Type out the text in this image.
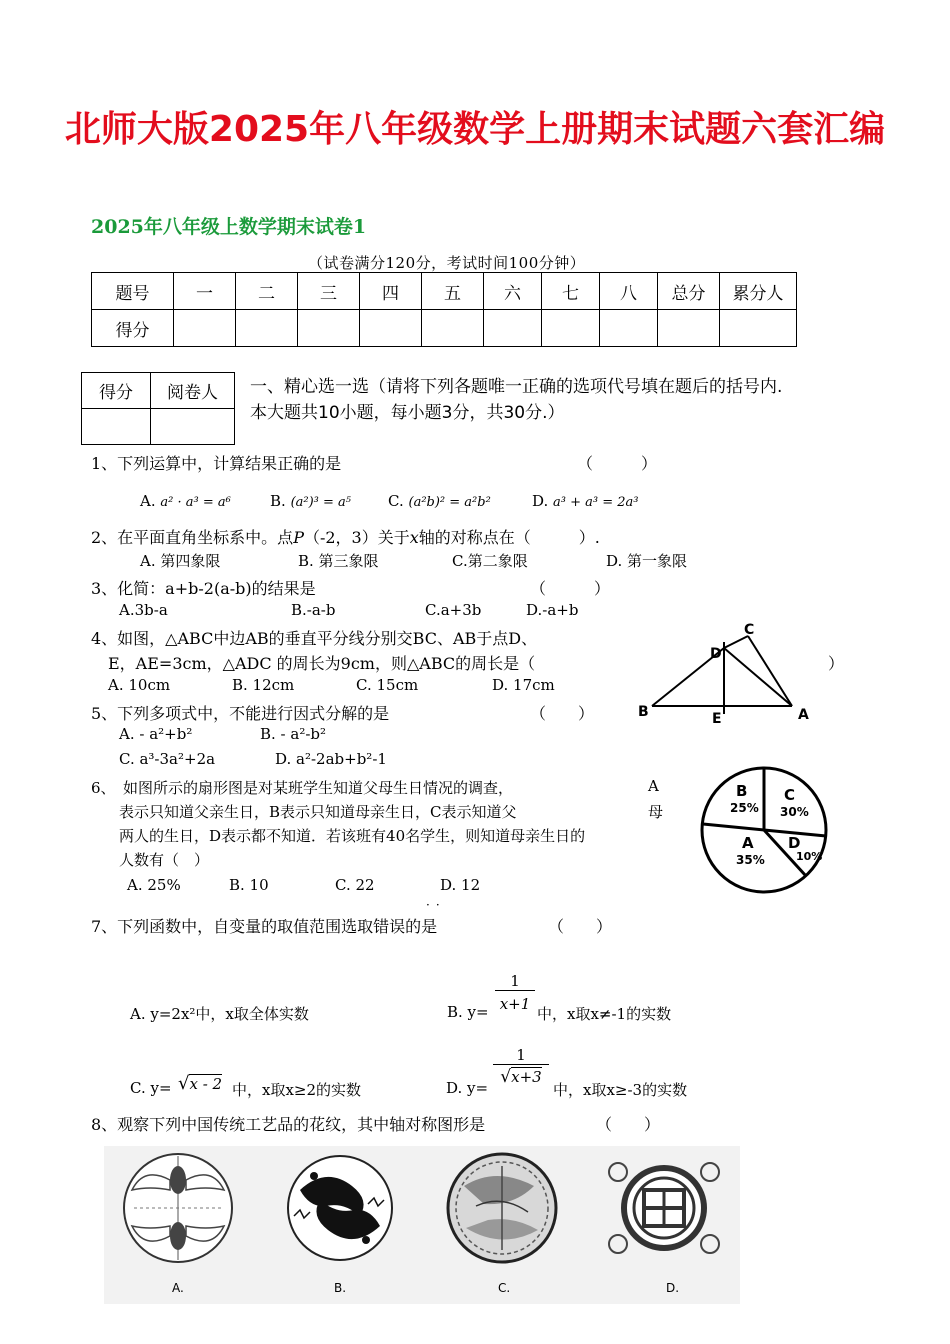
北师大版2025年八年级数学上册期末试题六套汇编
2025年八年级上数学期末试卷1
（试卷满分120分，考试时间100分钟）
题号	一	二	三	四	五	六	七	八	总分	累分人
得分										
得分	阅卷人
	一、精心选一选（请将下列各题唯一正确的选项代号填在题后的括号内.
本大题共10小题，每小题3分，共30分.）
1、下列运算中，计算结果正确的是	（　　　）
A. a² · a³ = a⁶	B. (a²)³ = a⁵ C. (a²b)² = a²b²	D. a³ + a³ = 2a³
2、在平面直角坐标系中。点P（-2，3）关于x轴的对称点在（　　　）.
A. 第四象限	B. 第三象限	C.第二象限	D. 第一象限
3、化简：a+b-2(a-b)的结果是	（　　　）
A.3b-a	B.-a-b	C.a+3b	D.-a+b
4、如图，△ABC中边AB的垂直平分线分别交BC、AB于点D、
E，AE=3cm，△ADC 的周长为9cm，则△ABC的周长是（	）
A. 10cm	B. 12cm	C. 15cm	D. 17cm
C
D
B	E	A
5、下列多项式中，不能进行因式分解的是	（　　）
A. - a²+b²	B. - a²-b²
C. a³-3a²+2a	D. a²-2ab+b²-1
6、　如图所示的扇形图是对某班学生知道父母生日情况的调查，	A
表示只知道父亲生日，B表示只知道母亲生日，C表示知道父	母
两人的生日，D表示都不知道．若该班有40名学生，则知道母亲生日的
人数有（　）
A. 25%	B. 10	C. 22	D. 12
··
B
25%
C
30%
A
35%
D
10%
7、下列函数中，自变量的取值范围选取错误的是	（　　）
A. y=2x²中，x取全体实数	B. $y= \frac{1}{x+1}$
中，x取x≠-1的实数
C. y= √x - 2 中，x取x≥2的实数	D. y=
$\frac{1}{√x+3}$
中，x取x≥-3的实数
8、观察下列中国传统工艺品的花纹，其中轴对称图形是	（　　）
A.	B.	C.	D.
